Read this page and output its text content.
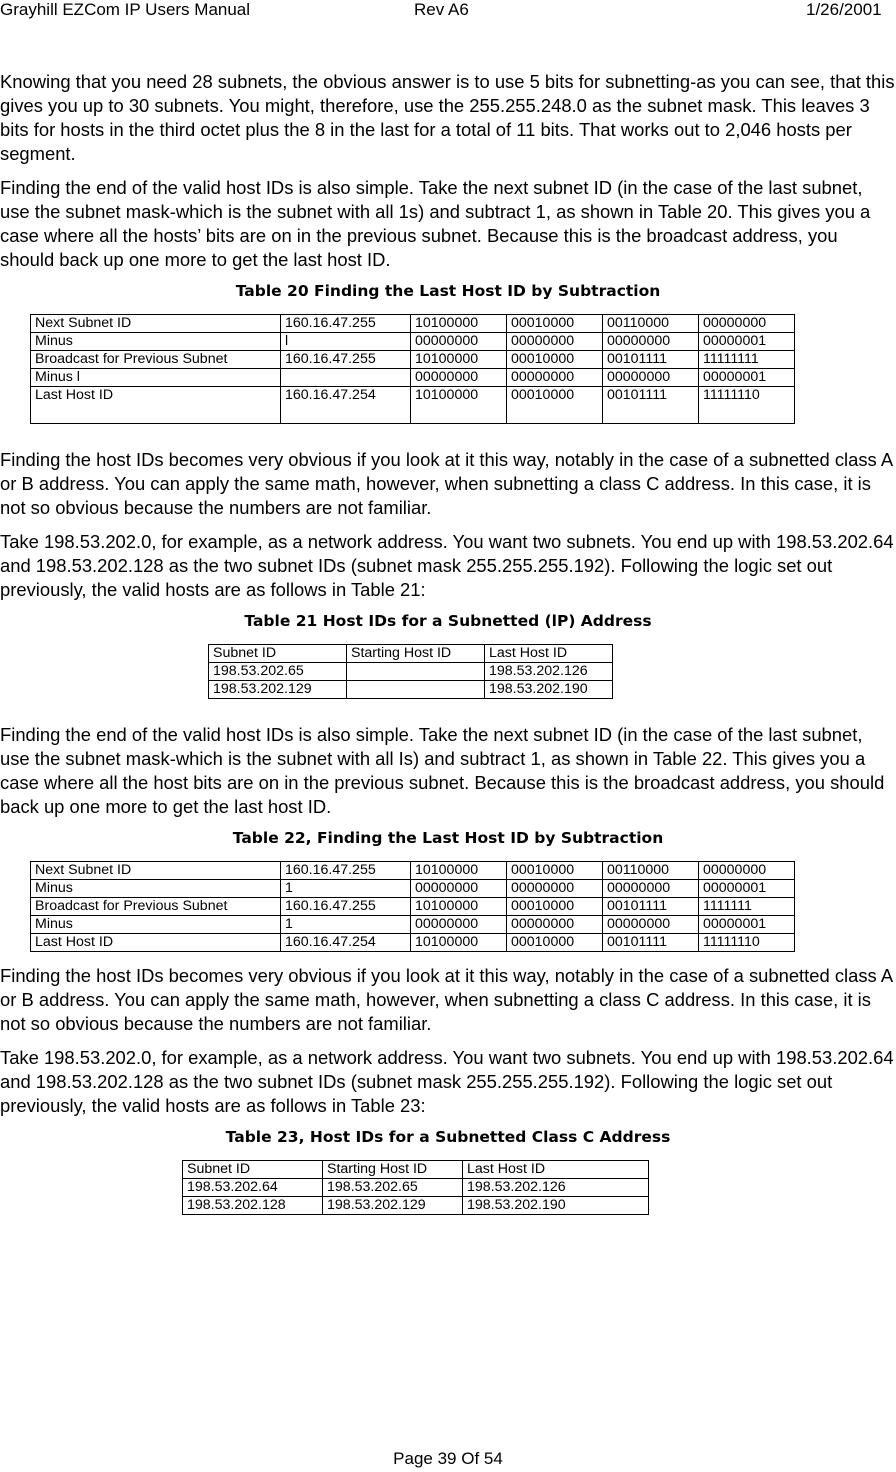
Grayhill EZCom IP Users Manual	Rev A6	1/26/2001

Knowing that you need 28 subnets, the obvious answer is to use 5 bits for subnetting-as you can see, that this gives you up to 30 subnets. You might, therefore, use the 255.255.248.0 as the subnet mask. This leaves 3 bits for hosts in the third octet plus the 8 in the last for a total of 11 bits. That works out to 2,046 hosts per segment.

Finding the end of the valid host IDs is also simple. Take the next subnet ID (in the case of the last subnet, use the subnet mask-which is the subnet with all 1s) and subtract 1, as shown in Table 20. This gives you a case where all the hosts’ bits are on in the previous subnet. Because this is the broadcast address, you should back up one more to get the last host ID.

Table 20 Finding the Last Host ID by Subtraction
Next Subnet ID	160.16.47.255	10100000	00010000	00110000	00000000
Minus	l	00000000	00000000	00000000	00000001
Broadcast for Previous Subnet	160.16.47.255	10100000	00010000	00101111	11111111
Minus l		00000000	00000000	00000000	00000001
Last Host ID	160.16.47.254	10100000	00010000	00101111	11111110

Finding the host IDs becomes very obvious if you look at it this way, notably in the case of a subnetted class A or B address. You can apply the same math, however, when subnetting a class C address. In this case, it is not so obvious because the numbers are not familiar.

Take 198.53.202.0, for example, as a network address. You want two subnets. You end up with 198.53.202.64 and 198.53.202.128 as the two subnet IDs (subnet mask 255.255.255.192). Following the logic set out previously, the valid hosts are as follows in Table 21:

Table 21 Host IDs for a Subnetted (lP) Address
Subnet ID	Starting Host ID	Last Host ID
198.53.202.65		198.53.202.126
198.53.202.129		198.53.202.190

Finding the end of the valid host IDs is also simple. Take the next subnet ID (in the case of the last subnet, use the subnet mask-which is the subnet with all Is) and subtract 1, as shown in Table 22. This gives you a case where all the host bits are on in the previous subnet. Because this is the broadcast address, you should back up one more to get the last host ID.

Table 22, Finding the Last Host ID by Subtraction
Next Subnet ID	160.16.47.255	10100000	00010000	00110000	00000000
Minus	1	00000000	00000000	00000000	00000001
Broadcast for Previous Subnet	160.16.47.255	10100000	00010000	00101111	1111111
Minus	1	00000000	00000000	00000000	00000001
Last Host ID	160.16.47.254	10100000	00010000	00101111	11111110

Finding the host IDs becomes very obvious if you look at it this way, notably in the case of a subnetted class A or B address. You can apply the same math, however, when subnetting a class C address. In this case, it is not so obvious because the numbers are not familiar.

Take 198.53.202.0, for example, as a network address. You want two subnets. You end up with 198.53.202.64 and 198.53.202.128 as the two subnet IDs (subnet mask 255.255.255.192). Following the logic set out previously, the valid hosts are as follows in Table 23:

Table 23, Host IDs for a Subnetted Class C Address
Subnet ID	Starting Host ID	Last Host ID
198.53.202.64	198.53.202.65	198.53.202.126
198.53.202.128	198.53.202.129	198.53.202.190
Page 39 Of 54
